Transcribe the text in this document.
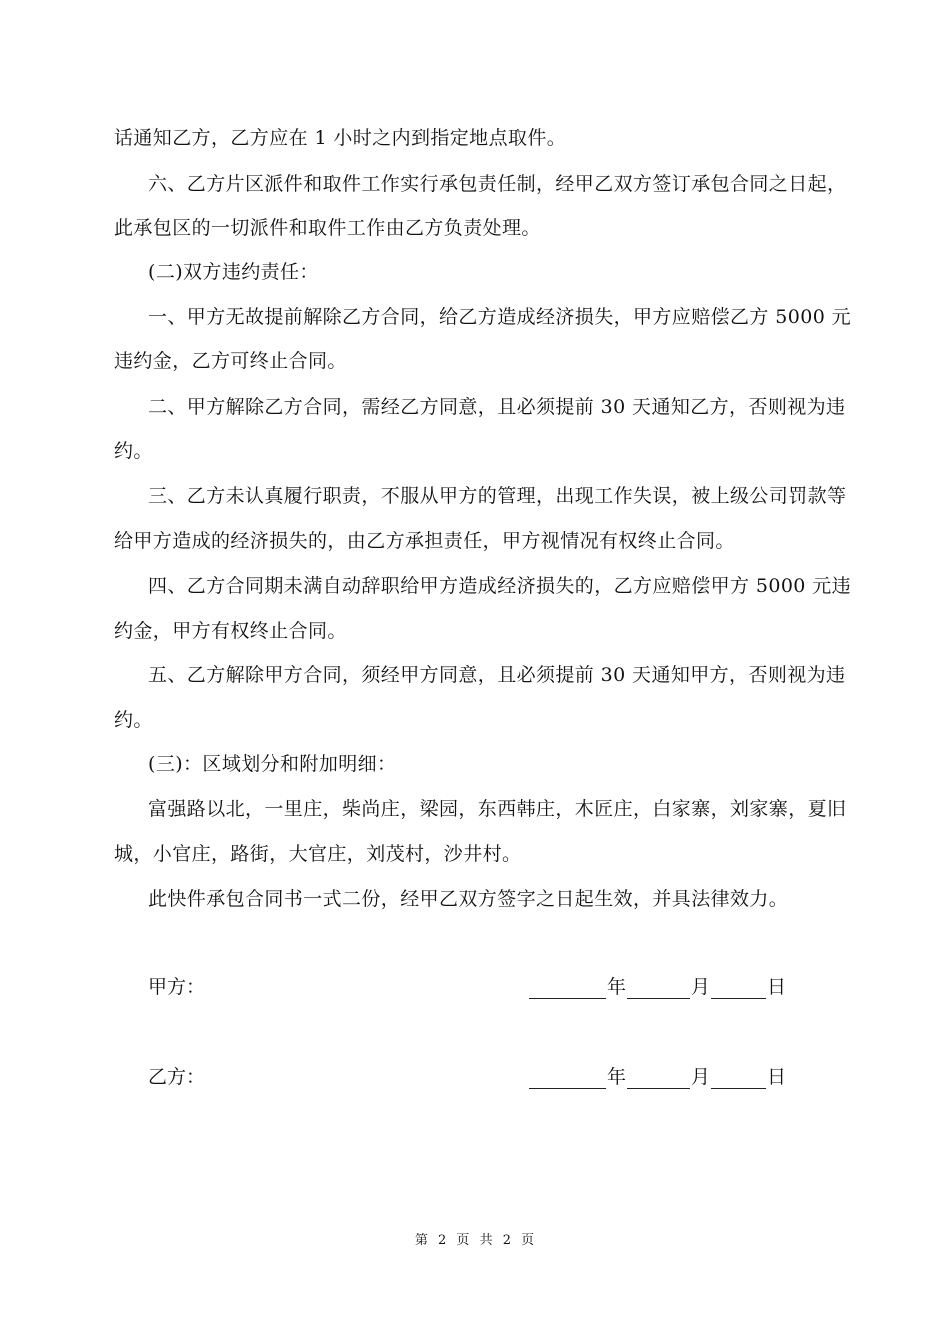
话通知乙方，乙方应在 1 小时之内到指定地点取件。
六、乙方片区派件和取件工作实行承包责任制，经甲乙双方签订承包合同之日起，
此承包区的一切派件和取件工作由乙方负责处理。
(二)双方违约责任：
一、甲方无故提前解除乙方合同，给乙方造成经济损失，甲方应赔偿乙方 5000 元
违约金，乙方可终止合同。
二、甲方解除乙方合同，需经乙方同意，且必须提前 30 天通知乙方，否则视为违
约。
三、乙方未认真履行职责，不服从甲方的管理，出现工作失误，被上级公司罚款等
给甲方造成的经济损失的，由乙方承担责任，甲方视情况有权终止合同。
四、乙方合同期未满自动辞职给甲方造成经济损失的，乙方应赔偿甲方 5000 元违
约金，甲方有权终止合同。
五、乙方解除甲方合同，须经甲方同意，且必须提前 30 天通知甲方，否则视为违
约。
(三)：区域划分和附加明细：
富强路以北，一里庄，柴尚庄，梁园，东西韩庄，木匠庄，白家寨，刘家寨，夏旧
城，小官庄，路街，大官庄，刘茂村，沙井村。
此快件承包合同书一式二份，经甲乙双方签字之日起生效，并具法律效力。
甲方：	年	月	日
乙方：	年	月	日
第 2 页 共 2 页
